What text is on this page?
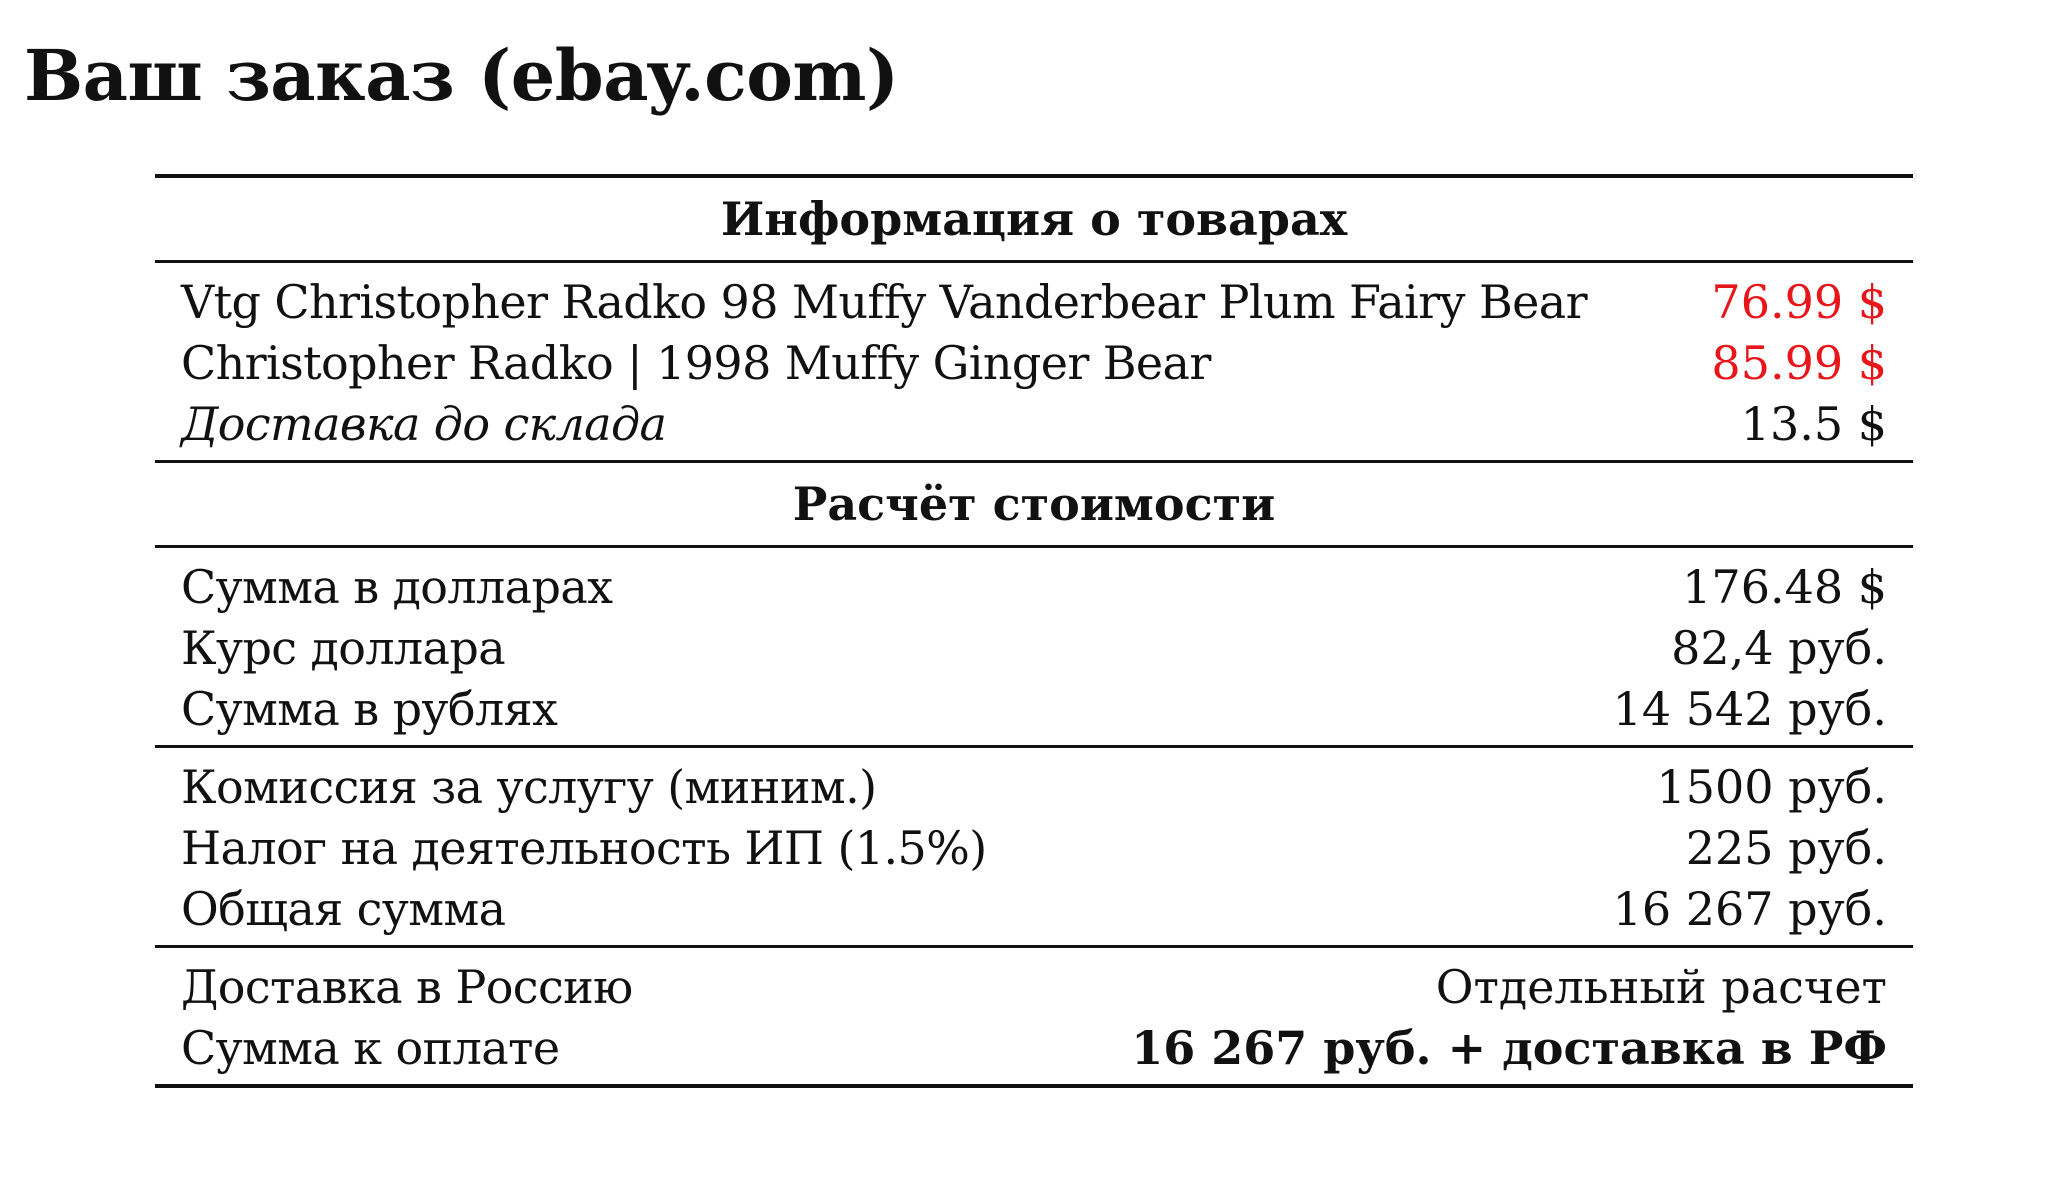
Ваш заказ (ebay.com)
Информация о товарах
Vtg Christopher Radko 98 Muffy Vanderbear Plum Fairy Bear	76.99 $
Christopher Radko | 1998 Muffy Ginger Bear	85.99 $
Доставка до склада	13.5 $
Расчёт стоимости
Сумма в долларах	176.48 $
Курс доллара	82,4 руб.
Сумма в рублях	14 542 руб.
Комиссия за услугу (миним.)	1500 руб.
Налог на деятельность ИП (1.5%)	225 руб.
Общая сумма	16 267 руб.
Доставка в Россию	Отдельный расчет
Сумма к оплате	16 267 руб. + доставка в РФ
